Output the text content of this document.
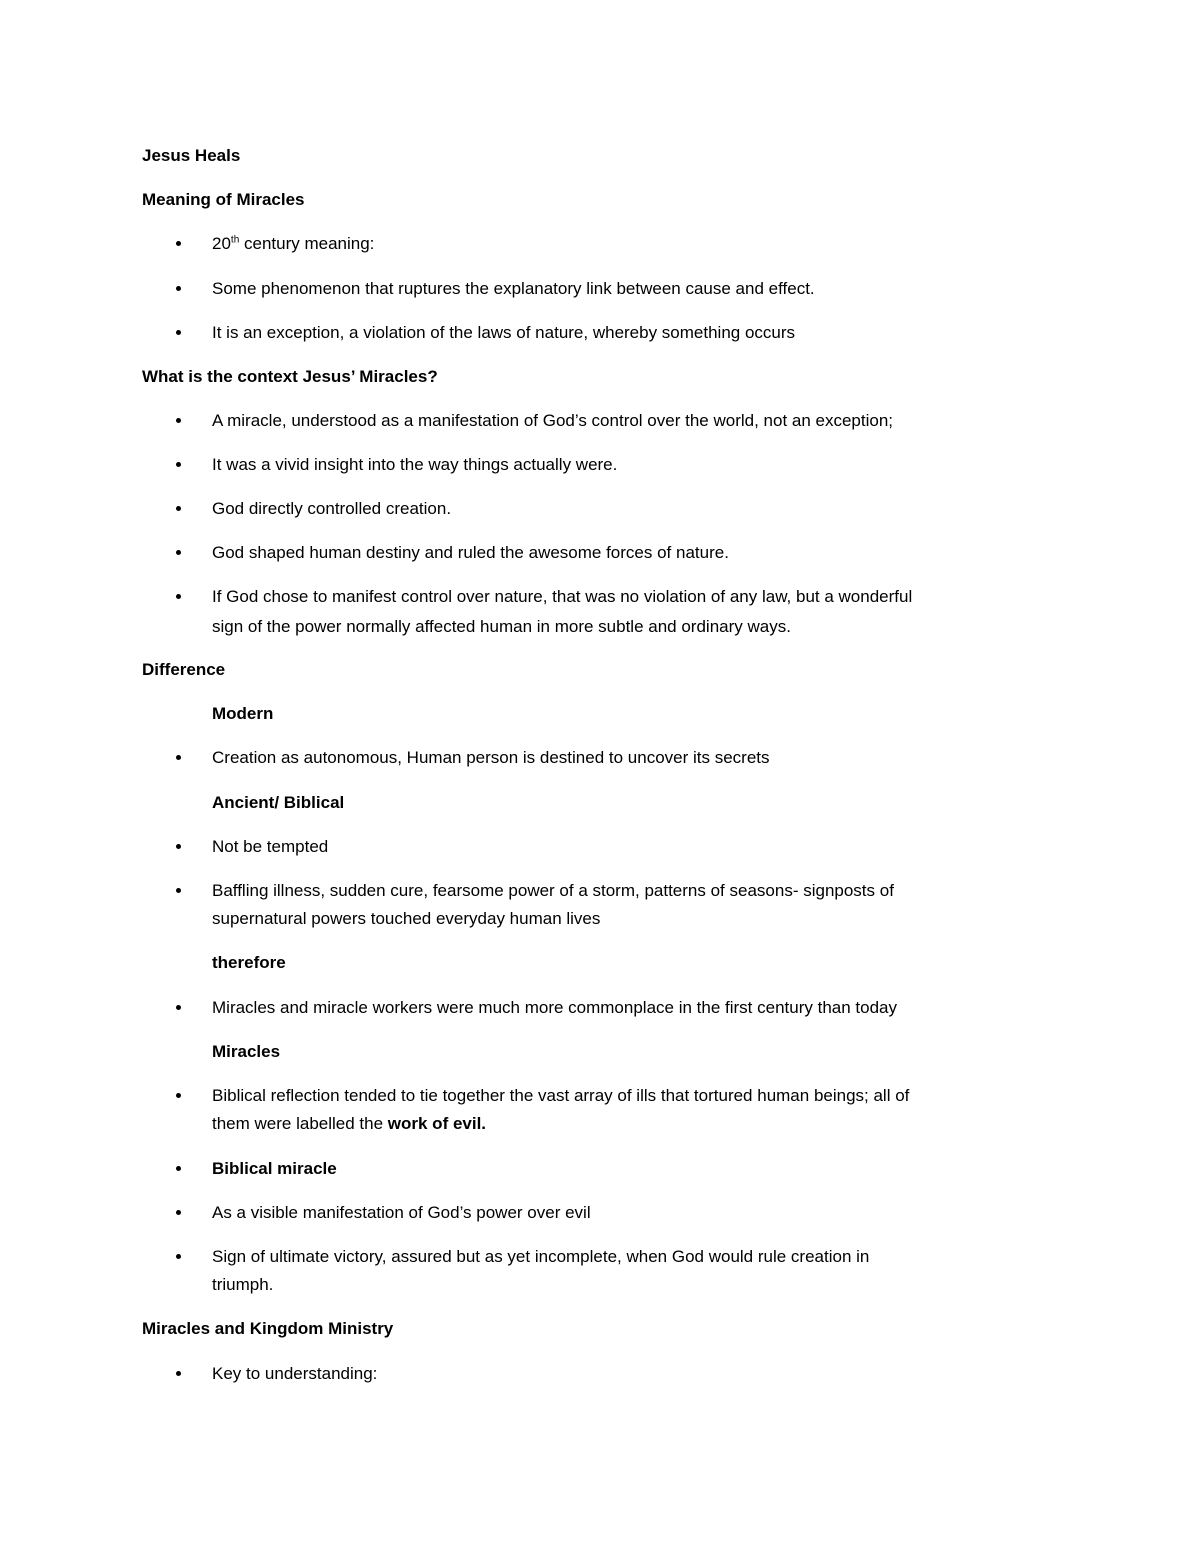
Jesus Heals
Meaning of Miracles
20th century meaning:
Some phenomenon that ruptures the explanatory link between cause and effect.
It is an exception, a violation of the laws of nature, whereby something occurs
What is the context Jesus’ Miracles?
A miracle, understood as a manifestation of God’s control over the world, not an exception;
It was a vivid insight into the way things actually were.
God directly controlled creation.
God shaped human destiny and ruled the awesome forces of nature.
If God chose to manifest control over nature, that was no violation of any law, but a wonderful
sign of the power normally affected human in more subtle and ordinary ways.
Difference
Modern
Creation as autonomous, Human person is destined to uncover its secrets
Ancient/ Biblical
Not be tempted
Baffling illness, sudden cure, fearsome power of a storm, patterns of seasons- signposts of
supernatural powers touched everyday human lives
therefore
Miracles and miracle workers were much more commonplace in the first century than today
Miracles
Biblical reflection tended to tie together the vast array of ills that tortured human beings; all of
them were labelled the work of evil.
Biblical miracle
As a visible manifestation of God’s power over evil
Sign of ultimate victory, assured but as yet incomplete, when God would rule creation in
triumph.
Miracles and Kingdom Ministry
Key to understanding:
